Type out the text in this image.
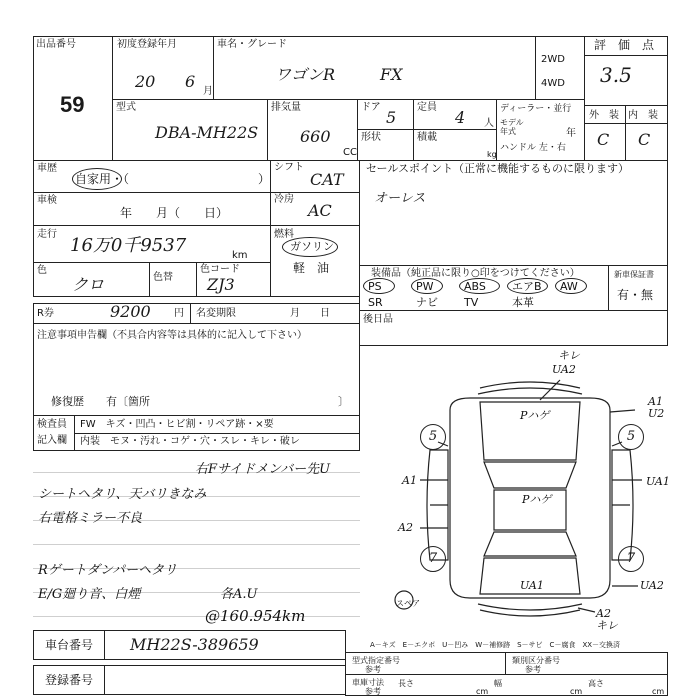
出品番号
59
初度登録年月
20 6
月
車名・グレード
ワゴンR	FX
2WD
4WD
評　価　点
3.5
外　装 内　装
C C
型式
DBA-MH22S
排気量
660
CC
ドア
5
定員
4 人
形状	積載
kg
ディーラー・並行
モデル
年式	年
ハンドル 左・右
車歴
自家用・（	）
シフト
CAT
車検
年　　月（　　日）
冷房
AC
走行
16万0千9537	km
燃料
ガソリン
軽　油
色
クロ	色替
色コード
ZJ3
R券	9200 円 名変期限	月　　日
セールスポイント（正常に機能するものに限ります）
オーレス
装備品（純正品に限り○印をつけてください）
PS	PW	ABS エアB AW
SR	ナビ TV	本革
新車保証書
有・無
後日品
注意事項申告欄（不具合内容等は具体的に記入して下さい）
修復歴　　有〔箇所	〕
検査員
記入欄
FW　キズ・凹凸・ヒビ割・リペア跡・×要
内装　モヌ・汚れ・コゲ・穴・スレ・キレ・破レ
右Fサイドメンバー先U
シートヘタリ、天バリきなみ
右電格ミラー不良
Rゲートダンパーヘタリ
E/G廻り音、白煙	各A.U
@160.954km
キレ
UA2
A1
U2
Pハゲ
Pハゲ
A1
A2
UA1
5	5
7	7
UA1	UA2
A2
キレ
スペア
A－キズ　E－エクボ　U－凹み　W－補修跡　S－サビ　C－腐食　XX－交換済
車台番号 MH22S-389659
登録番号
型式指定番号
参考
類別区分番号
参考
車庫寸法
参考
長さ
cm
幅
cm
高さ
cm
